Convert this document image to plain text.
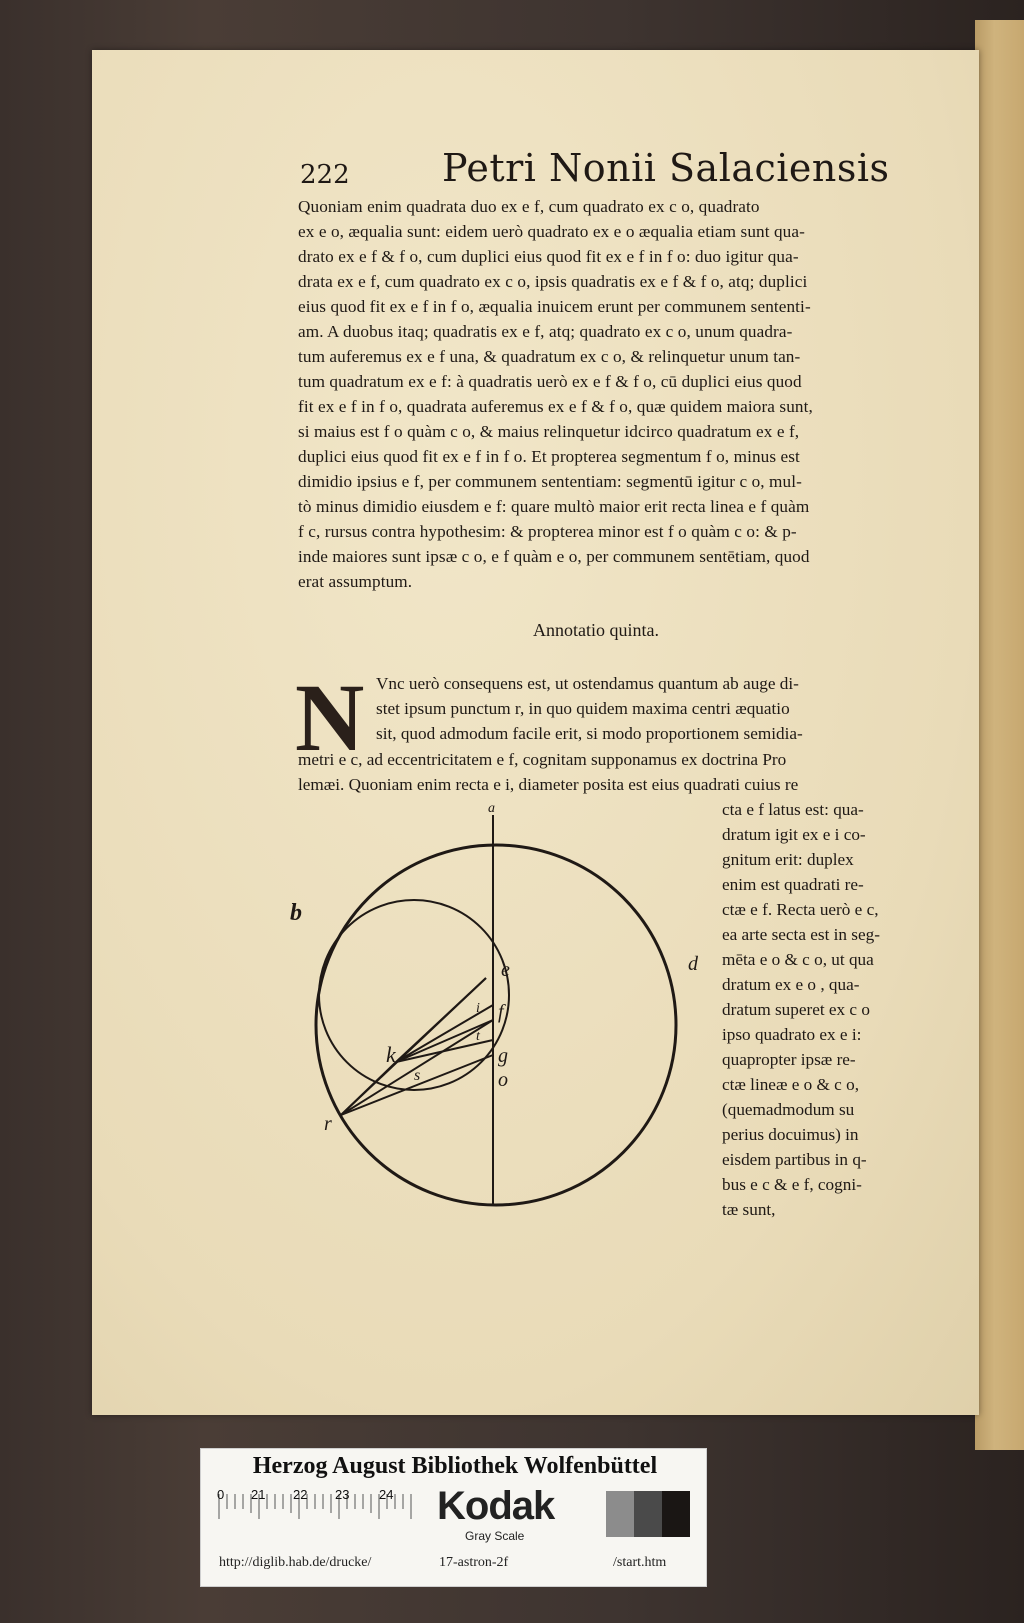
222 Petri Nonii Salaciensis
Quoniam enim quadrata duo ex e f, cum quadrato ex c o, quadrato
ex e o, æqualia sunt: eidem uerò quadrato ex e o æqualia etiam sunt qua-
drato ex e f & f o, cum duplici eius quod fit ex e f in f o: duo igitur qua-
drata ex e f, cum quadrato ex c o, ipsis quadratis ex e f & f o, atq; duplici
eius quod fit ex e f in f o, æqualia inuicem erunt per communem sententi-
am. A duobus itaq; quadratis ex e f, atq; quadrato ex c o, unum quadra-
tum auferemus ex e f una, & quadratum ex c o, & relinquetur unum tan-
tum quadratum ex e f: à quadratis uerò ex e f & f o, cū duplici eius quod
fit ex e f in f o, quadrata auferemus ex e f & f o, quæ quidem maiora sunt,
si maius est f o quàm c o, & maius relinquetur idcirco quadratum ex e f,
duplici eius quod fit ex e f in f o. Et propterea segmentum f o, minus est
dimidio ipsius e f, per communem sententiam: segmentū igitur c o, mul-
tò minus dimidio eiusdem e f: quare multò maior erit recta linea e f quàm
f c, rursus contra hypothesim: & propterea minor est f o quàm c o: & p-
inde maiores sunt ipsæ c o, e f quàm e o, per communem sentētiam, quod
erat assumptum.
Annotatio quinta.
N Vnc uerò consequens est, ut ostendamus quantum ab auge di-
stet ipsum punctum r, in quo quidem maxima centri æquatio
sit, quod admodum facile erit, si modo proportionem semidia-
metri e c, ad eccentricitatem e f, cognitam supponamus ex doctrina Pro
lemæi. Quoniam enim recta e i, diameter posita est eius quadrati cuius re
cta e f latus est: qua-
dratum igit ex e i co-
gnitum erit: duplex
enim est quadrati re-
ctæ e f. Recta uerò e c,
ea arte secta est in seg-
mēta e o & c o, ut qua
dratum ex e o , qua-
dratum superet ex c o
ipso quadrato ex e i:
quapropter ipsæ re-
ctæ lineæ e o & c o,
(quemadmodum su
perius docuimus) in
eisdem partibus in q-
bus e c & e f, cogni-
tæ sunt,
a
b
d
e
f
i
t
g
o
k
s
r
Herzog August Bibliothek Wolfenbüttel
0 21 22 23 24 Kodak
Gray Scale
http://diglib.hab.de/drucke/	17-astron-2f	/start.htm
